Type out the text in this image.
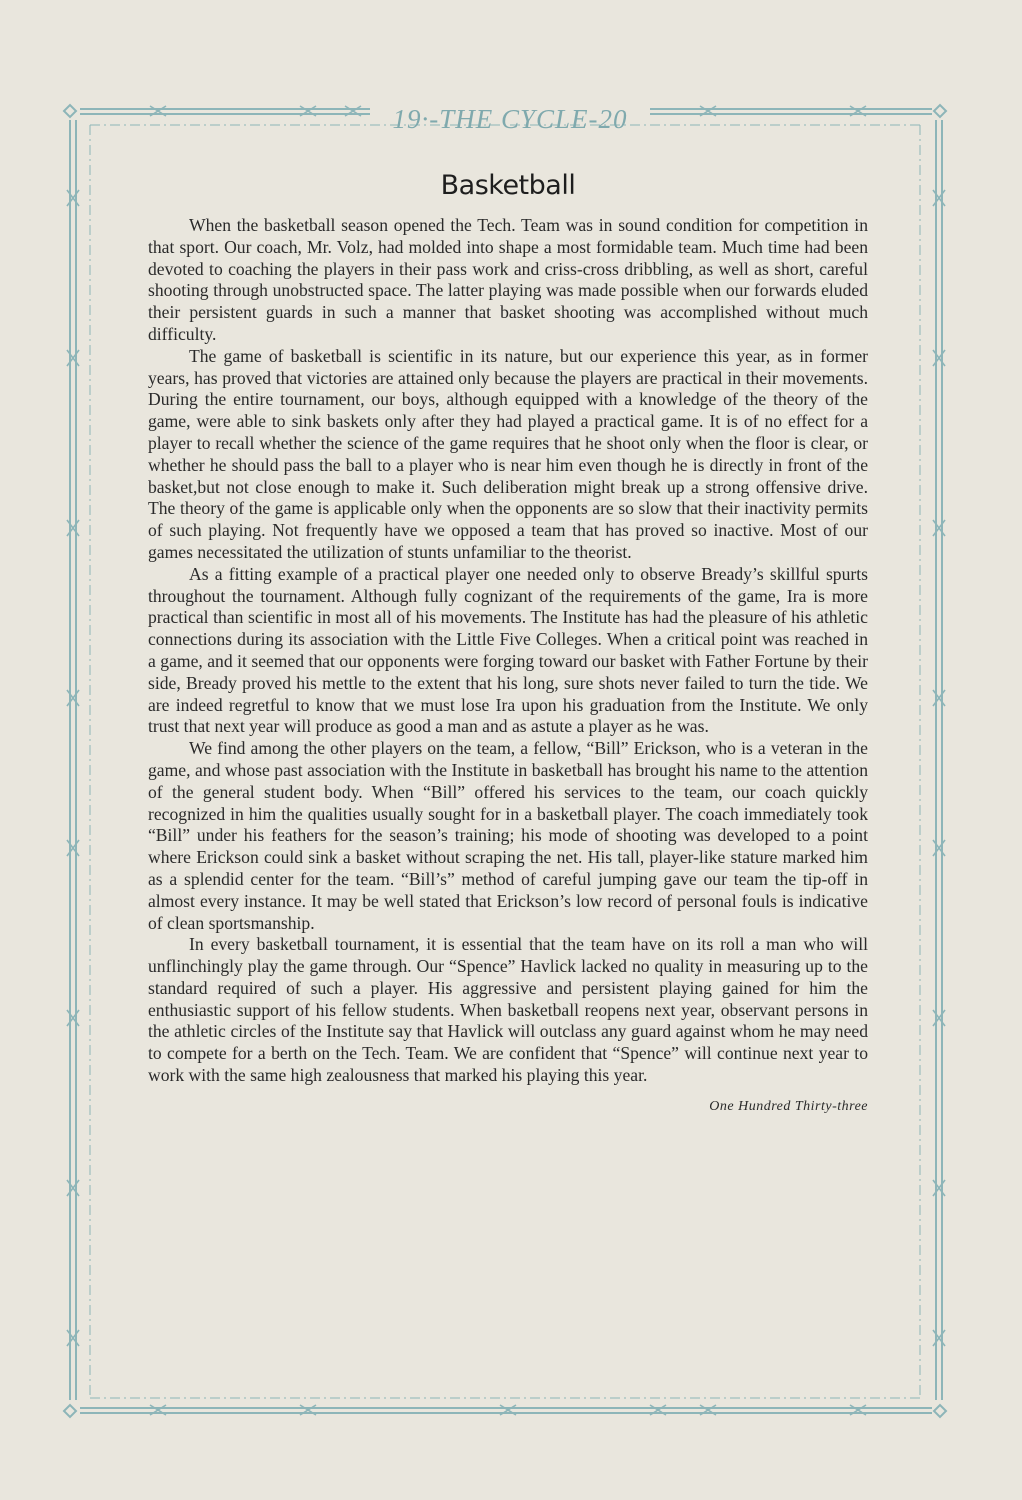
19·-THE CYCLE-20
Basketball

When the basketball season opened the Tech. Team was in sound condition for competition in that sport. Our coach, Mr. Volz, had molded into shape a most formidable team. Much time had been devoted to coaching the players in their pass work and criss-cross dribbling, as well as short, careful shooting through unobstructed space. The latter playing was made possible when our forwards eluded their persistent guards in such a manner that basket shooting was accomplished without much difficulty.

The game of basketball is scientific in its nature, but our experience this year, as in former years, has proved that victories are attained only because the players are practical in their movements. During the entire tournament, our boys, although equipped with a knowledge of the theory of the game, were able to sink baskets only after they had played a practical game. It is of no effect for a player to recall whether the science of the game requires that he shoot only when the floor is clear, or whether he should pass the ball to a player who is near him even though he is directly in front of the basket,but not close enough to make it. Such deliberation might break up a strong offensive drive. The theory of the game is applicable only when the opponents are so slow that their inactivity permits of such playing. Not frequently have we opposed a team that has proved so inactive. Most of our games necessitated the utilization of stunts unfamiliar to the theorist.

As a fitting example of a practical player one needed only to observe Bready’s skillful spurts throughout the tournament. Although fully cognizant of the requirements of the game, Ira is more practical than scientific in most all of his movements. The Institute has had the pleasure of his athletic connections during its association with the Little Five Colleges. When a critical point was reached in a game, and it seemed that our opponents were forging toward our basket with Father Fortune by their side, Bready proved his mettle to the extent that his long, sure shots never failed to turn the tide. We are indeed regretful to know that we must lose Ira upon his graduation from the Institute. We only trust that next year will produce as good a man and as astute a player as he was.

We find among the other players on the team, a fellow, “Bill” Erickson, who is a veteran in the game, and whose past association with the Institute in basketball has brought his name to the attention of the general student body. When “Bill” offered his services to the team, our coach quickly recognized in him the qualities usually sought for in a basketball player. The coach immediately took “Bill” under his feathers for the season’s training; his mode of shooting was developed to a point where Erickson could sink a basket without scraping the net. His tall, player-like stature marked him as a splendid center for the team. “Bill’s” method of careful jumping gave our team the tip-off in almost every instance. It may be well stated that Erickson’s low record of personal fouls is indicative of clean sportsmanship.

In every basketball tournament, it is essential that the team have on its roll a man who will unflinchingly play the game through. Our “Spence” Havlick lacked no quality in measuring up to the standard required of such a player. His aggressive and persistent playing gained for him the enthusiastic support of his fellow students. When basketball reopens next year, observant persons in the athletic circles of the Institute say that Havlick will outclass any guard against whom he may need to compete for a berth on the Tech. Team. We are confident that “Spence” will continue next year to work with the same high zealousness that marked his playing this year.

One Hundred Thirty-three
